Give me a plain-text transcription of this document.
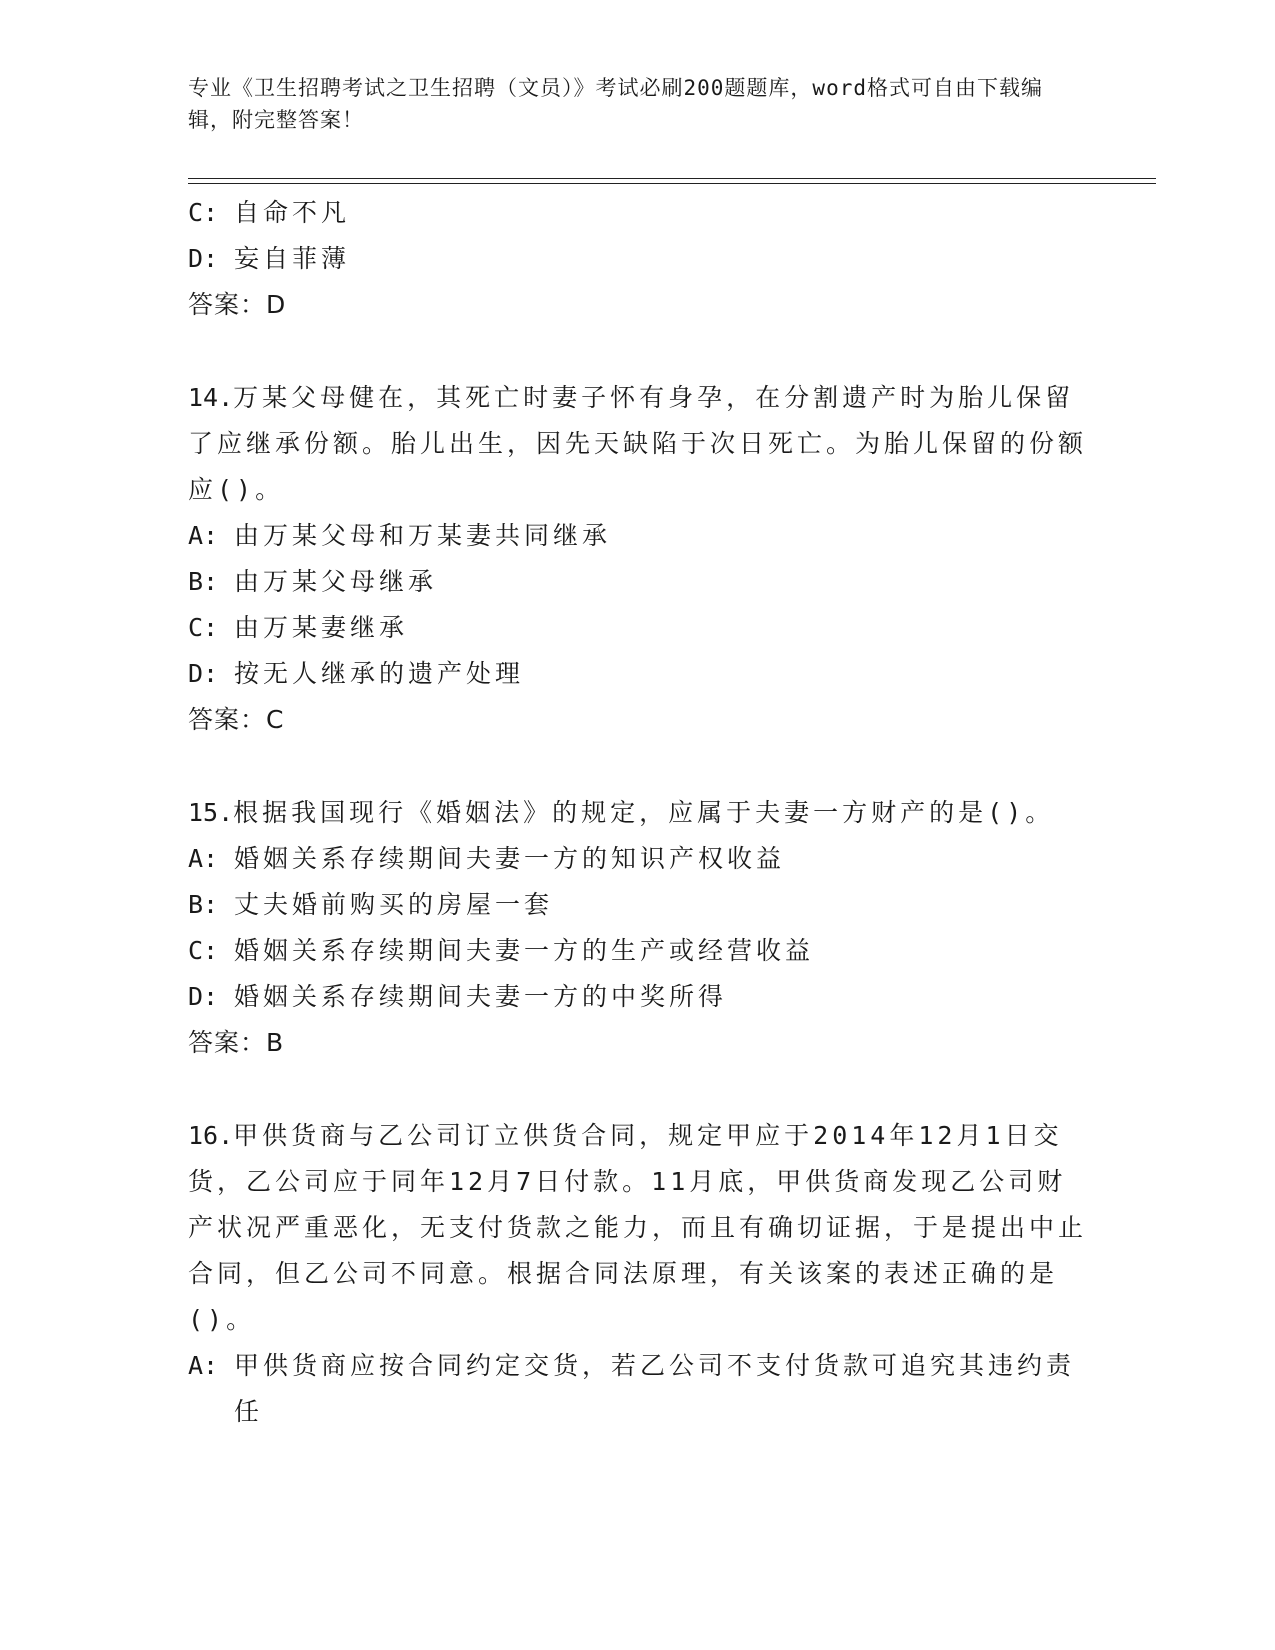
专业《卫生招聘考试之卫生招聘（文员）》考试必刷200题题库，word格式可自由下载编辑，附完整答案！
C: 自命不凡
D: 妄自菲薄
答案：D
14.万某父母健在，其死亡时妻子怀有身孕，在分割遗产时为胎儿保留了应继承份额。胎儿出生，因先天缺陷于次日死亡。为胎儿保留的份额应()。
A: 由万某父母和万某妻共同继承
B: 由万某父母继承
C: 由万某妻继承
D: 按无人继承的遗产处理
答案：C
15.根据我国现行《婚姻法》的规定，应属于夫妻一方财产的是()。
A: 婚姻关系存续期间夫妻一方的知识产权收益
B: 丈夫婚前购买的房屋一套
C: 婚姻关系存续期间夫妻一方的生产或经营收益
D: 婚姻关系存续期间夫妻一方的中奖所得
答案：B
16.甲供货商与乙公司订立供货合同，规定甲应于2014年12月1日交货，乙公司应于同年12月7日付款。11月底，甲供货商发现乙公司财产状况严重恶化，无支付货款之能力，而且有确切证据，于是提出中止合同，但乙公司不同意。根据合同法原理，有关该案的表述正确的是()。
A: 甲供货商应按合同约定交货，若乙公司不支付货款可追究其违约责任
